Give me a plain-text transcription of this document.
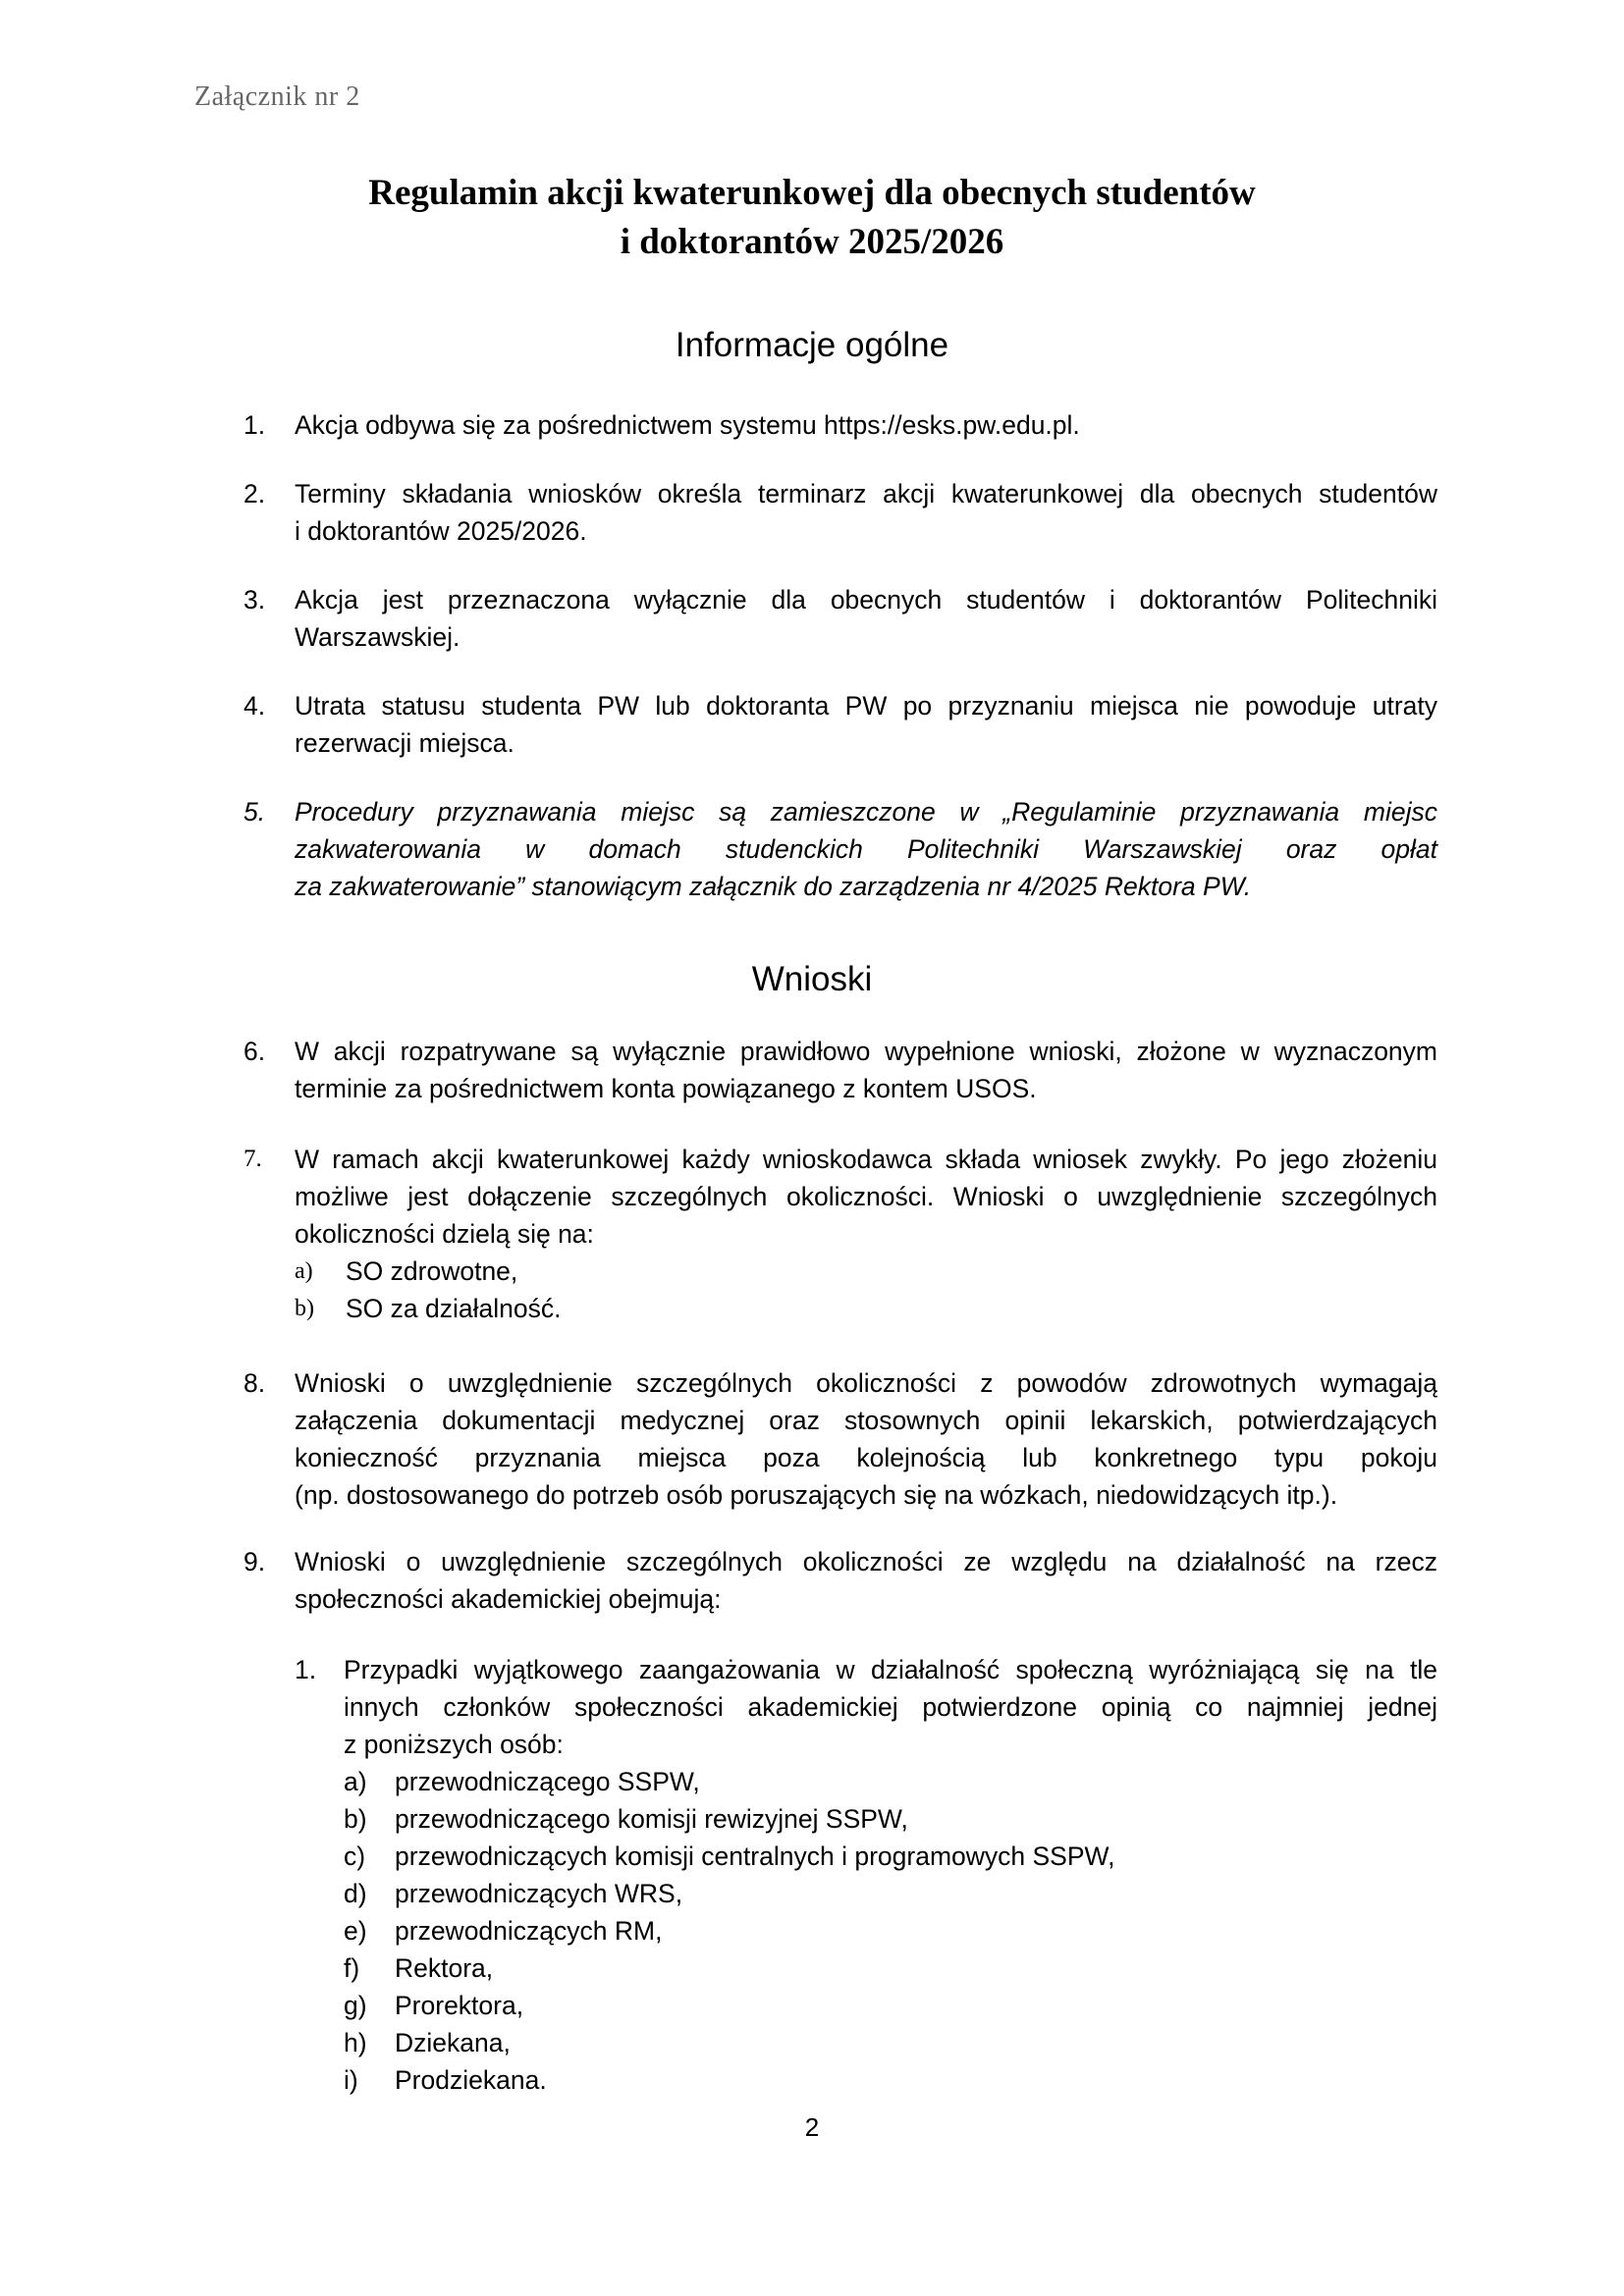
Załącznik nr 2
Regulamin akcji kwaterunkowej dla obecnych studentów
i doktorantów 2025/2026
Informacje ogólne
1. Akcja odbywa się za pośrednictwem systemu https://esks.pw.edu.pl.
2. Terminy składania wniosków określa terminarz akcji kwaterunkowej dla obecnych studentów
i doktorantów 2025/2026.
3. Akcja jest przeznaczona wyłącznie dla obecnych studentów i doktorantów Politechniki
Warszawskiej.
4. Utrata statusu studenta PW lub doktoranta PW po przyznaniu miejsca nie powoduje utraty
rezerwacji miejsca.
5. Procedury przyznawania miejsc są zamieszczone w „Regulaminie przyznawania miejsc
zakwaterowania w domach studenckich Politechniki Warszawskiej oraz opłat
za zakwaterowanie” stanowiącym załącznik do zarządzenia nr 4/2025 Rektora PW.
Wnioski
6. W akcji rozpatrywane są wyłącznie prawidłowo wypełnione wnioski, złożone w wyznaczonym
terminie za pośrednictwem konta powiązanego z kontem USOS.
7. W ramach akcji kwaterunkowej każdy wnioskodawca składa wniosek zwykły. Po jego złożeniu
możliwe jest dołączenie szczególnych okoliczności. Wnioski o uwzględnienie szczególnych
okoliczności dzielą się na:
a) SO zdrowotne,
b) SO za działalność.
8. Wnioski o uwzględnienie szczególnych okoliczności z powodów zdrowotnych wymagają
załączenia dokumentacji medycznej oraz stosownych opinii lekarskich, potwierdzających
konieczność przyznania miejsca poza kolejnością lub konkretnego typu pokoju
(np. dostosowanego do potrzeb osób poruszających się na wózkach, niedowidzących itp.).
9. Wnioski o uwzględnienie szczególnych okoliczności ze względu na działalność na rzecz
społeczności akademickiej obejmują:
1. Przypadki wyjątkowego zaangażowania w działalność społeczną wyróżniającą się na tle
innych członków społeczności akademickiej potwierdzone opinią co najmniej jednej
z poniższych osób:
a) przewodniczącego SSPW,
b) przewodniczącego komisji rewizyjnej SSPW,
c) przewodniczących komisji centralnych i programowych SSPW,
d) przewodniczących WRS,
e) przewodniczących RM,
f) Rektora,
g) Prorektora,
h) Dziekana,
i) Prodziekana.
2
